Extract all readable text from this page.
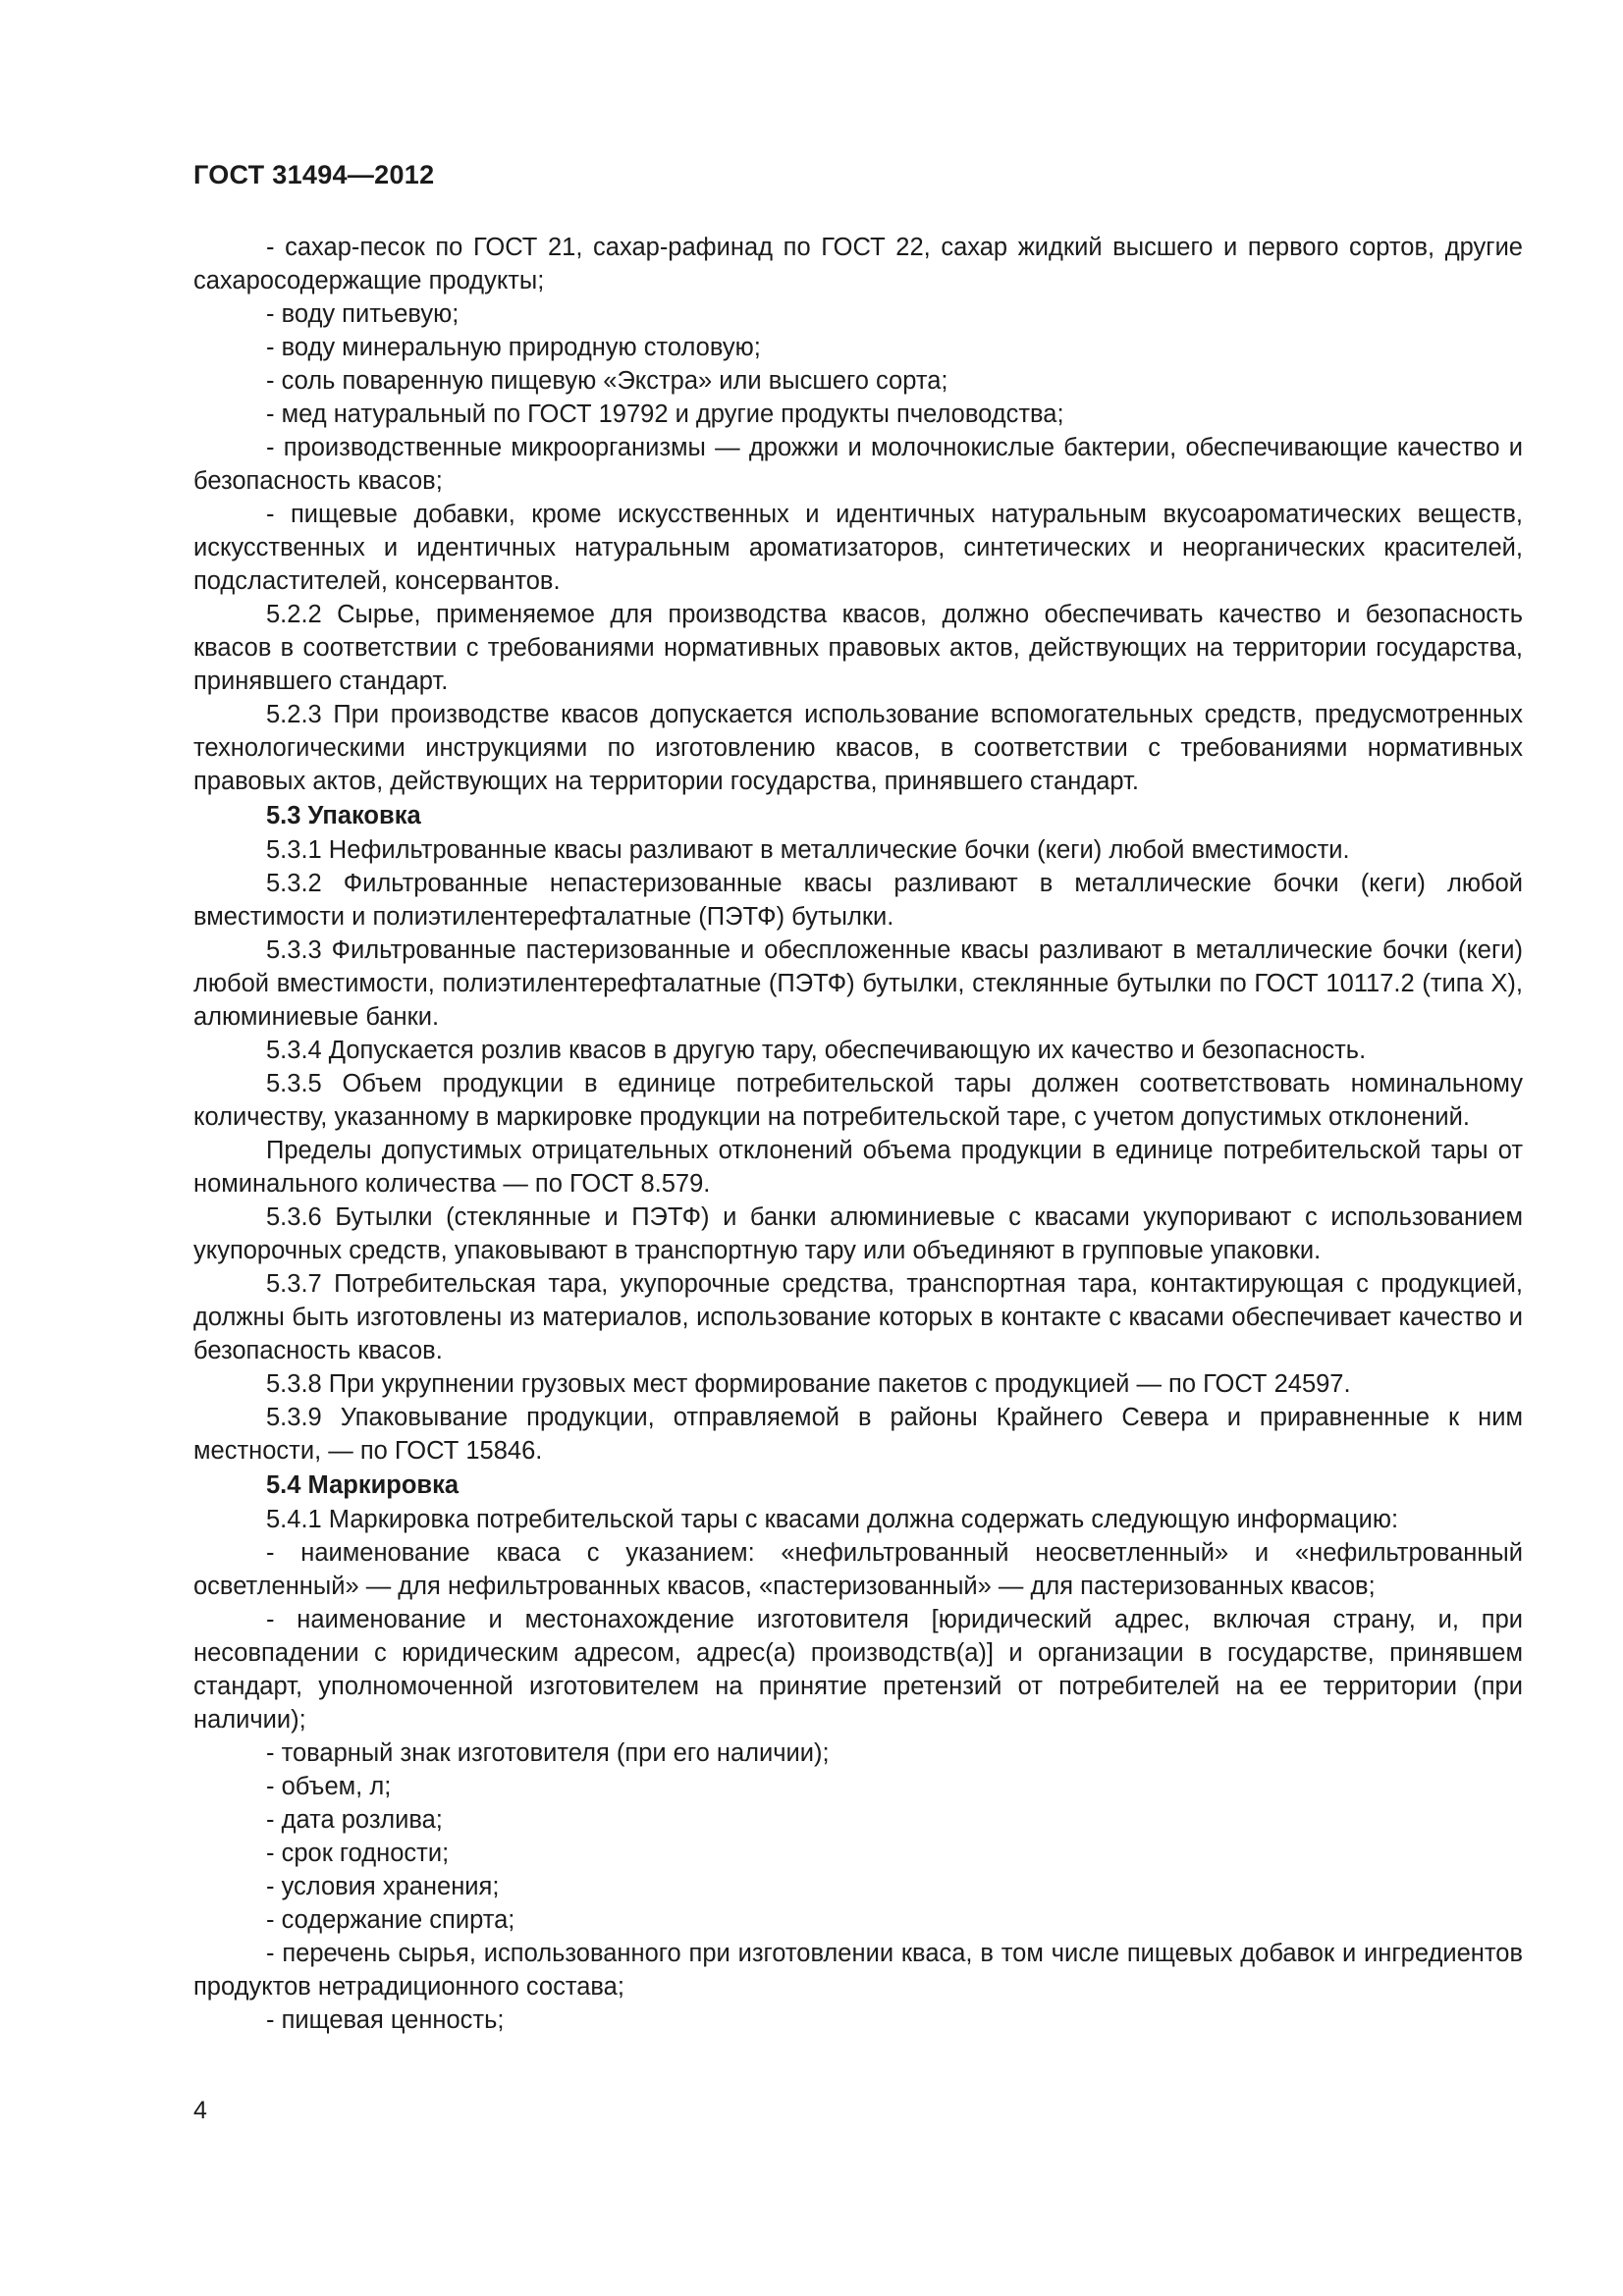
ГОСТ 31494—2012

- сахар-песок по ГОСТ 21, сахар-рафинад по ГОСТ 22, сахар жидкий высшего и первого сортов, другие сахаросодержащие продукты;

- воду питьевую;

- воду минеральную природную столовую;

- соль поваренную пищевую «Экстра» или высшего сорта;

- мед натуральный по ГОСТ 19792 и другие продукты пчеловодства;

- производственные микроорганизмы — дрожжи и молочнокислые бактерии, обеспечивающие качество и безопасность квасов;

- пищевые добавки, кроме искусственных и идентичных натуральным вкусоароматических веществ, искусственных и идентичных натуральным ароматизаторов, синтетических и неорганических красителей, подсластителей, консервантов.

5.2.2 Сырье, применяемое для производства квасов, должно обеспечивать качество и безопасность квасов в соответствии с требованиями нормативных правовых актов, действующих на территории государства, принявшего стандарт.

5.2.3 При производстве квасов допускается использование вспомогательных средств, предусмотренных технологическими инструкциями по изготовлению квасов, в соответствии с требованиями нормативных правовых актов, действующих на территории государства, принявшего стандарт.

5.3 Упаковка

5.3.1 Нефильтрованные квасы разливают в металлические бочки (кеги) любой вместимости.

5.3.2 Фильтрованные непастеризованные квасы разливают в металлические бочки (кеги) любой вместимости и полиэтилентерефталатные (ПЭТФ) бутылки.

5.3.3 Фильтрованные пастеризованные и обеспложенные квасы разливают в металлические бочки (кеги) любой вместимости, полиэтилентерефталатные (ПЭТФ) бутылки, стеклянные бутылки по ГОСТ 10117.2 (типа X), алюминиевые банки.

5.3.4 Допускается розлив квасов в другую тару, обеспечивающую их качество и безопасность.

5.3.5 Объем продукции в единице потребительской тары должен соответствовать номинальному количеству, указанному в маркировке продукции на потребительской таре, с учетом допустимых отклонений.

Пределы допустимых отрицательных отклонений объема продукции в единице потребительской тары от номинального количества — по ГОСТ 8.579.

5.3.6 Бутылки (стеклянные и ПЭТФ) и банки алюминиевые с квасами укупоривают с использованием укупорочных средств, упаковывают в транспортную тару или объединяют в групповые упаковки.

5.3.7 Потребительская тара, укупорочные средства, транспортная тара, контактирующая с продукцией, должны быть изготовлены из материалов, использование которых в контакте с квасами обеспечивает качество и безопасность квасов.

5.3.8 При укрупнении грузовых мест формирование пакетов с продукцией — по ГОСТ 24597.

5.3.9 Упаковывание продукции, отправляемой в районы Крайнего Севера и приравненные к ним местности, — по ГОСТ 15846.

5.4 Маркировка

5.4.1 Маркировка потребительской тары с квасами должна содержать следующую информацию:

- наименование кваса с указанием: «нефильтрованный неосветленный» и «нефильтрованный осветленный» — для нефильтрованных квасов, «пастеризованный» — для пастеризованных квасов;

- наименование и местонахождение изготовителя [юридический адрес, включая страну, и, при несовпадении с юридическим адресом, адрес(а) производств(а)] и организации в государстве, принявшем стандарт, уполномоченной изготовителем на принятие претензий от потребителей на ее территории (при наличии);

- товарный знак изготовителя (при его наличии);

- объем, л;

- дата розлива;

- срок годности;

- условия хранения;

- содержание спирта;

- перечень сырья, использованного при изготовлении кваса, в том числе пищевых добавок и ингредиентов продуктов нетрадиционного состава;

- пищевая ценность;

4
